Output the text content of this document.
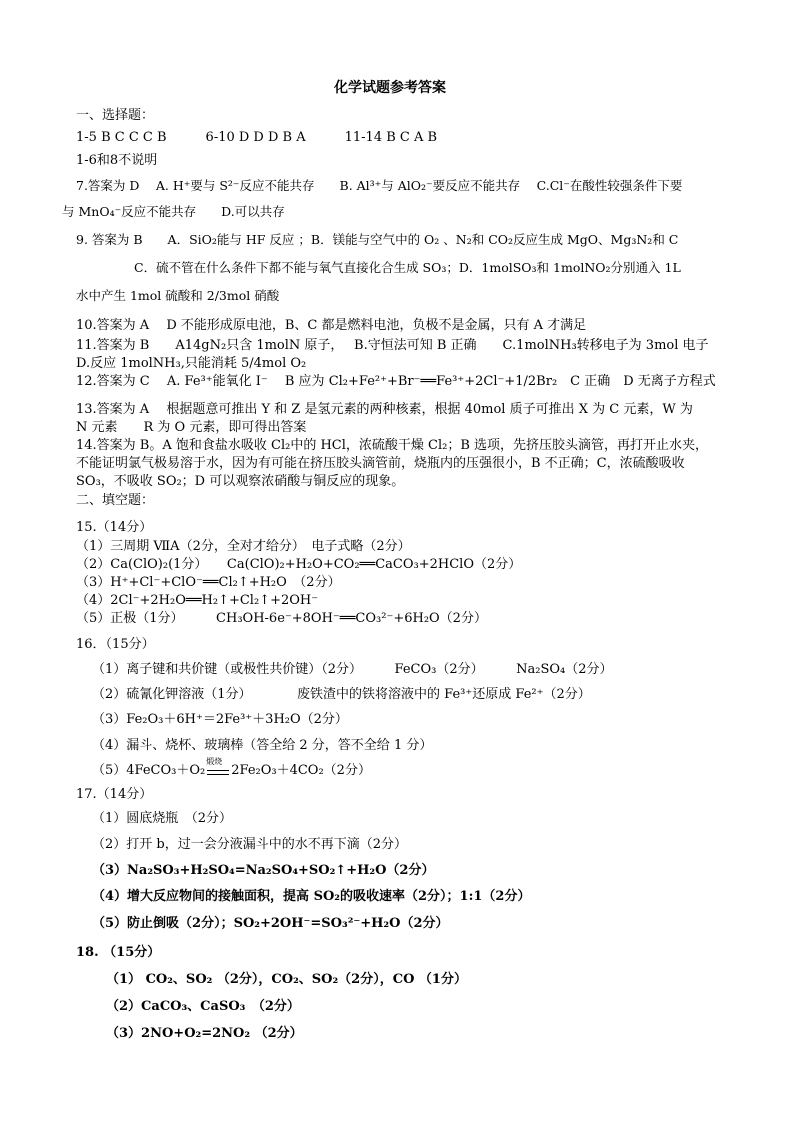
化学试题参考答案
一、选择题：
1-5 B C C C B　　　6-10 D D D B A　　　11-14 B C A B
1-6和8不说明
7.答案为 D　 A. H⁺要与 S²⁻反应不能共存　　B. Al³⁺与 AlO₂⁻要反应不能共存　 C.Cl⁻在酸性较强条件下要
与 MnO₄⁻反应不能共存　　D.可以共存
9. 答案为 B　　A．SiO₂能与 HF 反应 ；B．镁能与空气中的 O₂ 、N₂和 CO₂反应生成 MgO、Mg₃N₂和 C
C．硫不管在什么条件下都不能与氧气直接化合生成 SO₃；D．1molSO₃和 1molNO₂分别通入 1L
水中产生 1mol 硫酸和 2/3mol 硝酸
10.答案为 A　 D 不能形成原电池，B、C 都是燃料电池，负极不是金属，只有 A 才满足
11.答案为 B　　A14gN₂只含 1molN 原子，　 B.守恒法可知 B 正确　　C.1molNH₃转移电子为 3mol 电子
D.反应 1molNH₃,只能消耗 5/4mol O₂
12.答案为 C　 A. Fe³⁺能氧化 I⁻　 B 应为 Cl₂+Fe²⁺+Br⁻══Fe³⁺+2Cl⁻+1/2Br₂　C 正确　D 无离子方程式
13.答案为 A　 根据题意可推出 Y 和 Z 是氢元素的两种核素，根据 40mol 质子可推出 X 为 C 元素，W 为
N 元素　　R 为 O 元素，即可得出答案
14.答案为 B。A 饱和食盐水吸收 Cl₂中的 HCl，浓硫酸干燥 Cl₂；B 选项，先挤压胶头滴管，再打开止水夹，
不能证明氯气极易溶于水，因为有可能在挤压胶头滴管前，烧瓶内的压强很小，B 不正确；C，浓硫酸吸收
SO₃，不吸收 SO₂；D 可以观察浓硝酸与铜反应的现象。
二、填空题：
15.（14分）
（1）三周期 ⅦA（2分，全对才给分）　电子式略（2分）
（2）Ca(ClO)₂(1分）　　Ca(ClO)₂+H₂O+CO₂══CaCO₃+2HClO（2分）
（3）H⁺+Cl⁻+ClO⁻══Cl₂↑+H₂O　（2分）
（4）2Cl⁻+2H₂O══H₂↑+Cl₂↑+2OH⁻
（5）正极（1分）　　　CH₃OH-6e⁻+8OH⁻══CO₃²⁻+6H₂O（2分）
16．（15分）
（1）离子键和共价键（或极性共价键）（2分）　　　FeCO₃（2分）　　　Na₂SO₄（2分）
（2）硫氰化钾溶液（1分）　　　　废铁渣中的铁将溶液中的 Fe³⁺还原成 Fe²⁺（2分）
（3）Fe₂O₃＋6H⁺＝2Fe³⁺＋3H₂O（2分）
（4）漏斗、烧杯、玻璃棒（答全给 2 分，答不全给 1 分）
（5）4FeCO₃＋O₂
煅烧
2Fe₂O₃＋4CO₂（2分）
17.（14分）
（1）圆底烧瓶　（2分）
（2）打开 b，过一会分液漏斗中的水不再下滴（2分）
（3）Na₂SO₃+H₂SO₄=Na₂SO₄+SO₂↑+H₂O（2分）
（4）增大反应物间的接触面积，提高 SO₂的吸收速率（2分）；1:1（2分）
（5）防止倒吸（2分）；SO₂+2OH⁻=SO₃²⁻+H₂O（2分）
18. （15分）
（1） CO₂、SO₂ （2分），CO₂、SO₂（2分），CO （1分）
（2）CaCO₃、CaSO₃　（2分）
（3）2NO+O₂=2NO₂ （2分）
